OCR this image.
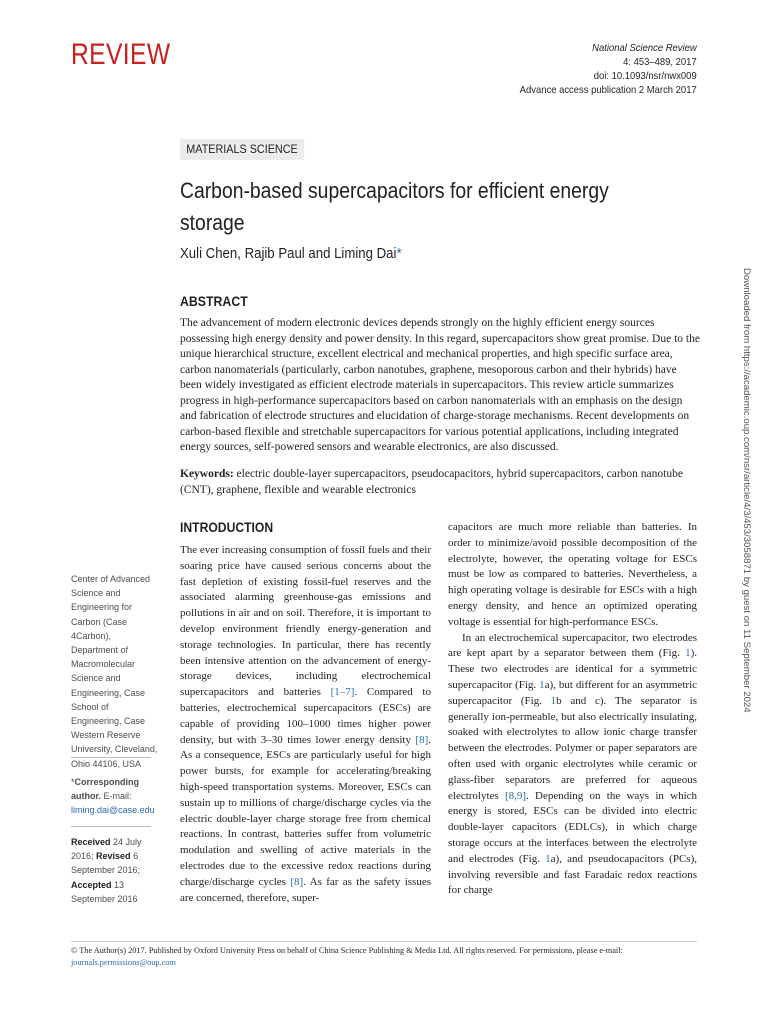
REVIEW	National Science Review
4: 453–489, 2017
doi: 10.1093/nsr/nwx009
Advance access publication 2 March 2017
MATERIALS SCIENCE
Carbon-based supercapacitors for efficient energy storage
Xuli Chen, Rajib Paul and Liming Dai*
ABSTRACT
The advancement of modern electronic devices depends strongly on the highly efficient energy sources possessing high energy density and power density. In this regard, supercapacitors show great promise. Due to the unique hierarchical structure, excellent electrical and mechanical properties, and high specific surface area, carbon nanomaterials (particularly, carbon nanotubes, graphene, mesoporous carbon and their hybrids) have been widely investigated as efficient electrode materials in supercapacitors. This review article summarizes progress in high-performance supercapacitors based on carbon nanomaterials with an emphasis on the design and fabrication of electrode structures and elucidation of charge-storage mechanisms. Recent developments on carbon-based flexible and stretchable supercapacitors for various potential applications, including integrated energy sources, self-powered sensors and wearable electronics, are also discussed.
Keywords: electric double-layer supercapacitors, pseudocapacitors, hybrid supercapacitors, carbon nanotube (CNT), graphene, flexible and wearable electronics
INTRODUCTION
The ever increasing consumption of fossil fuels and their soaring price have caused serious concerns about the fast depletion of existing fossil-fuel reserves and the associated alarming greenhouse-gas emissions and pollutions in air and on soil. Therefore, it is important to develop environment friendly energy-generation and storage technologies. In particular, there has recently been intensive attention on the advancement of energy-storage devices, including electrochemical supercapacitors and batteries [1–7]. Compared to batteries, electrochemical supercapacitors (ESCs) are capable of providing 100–1000 times higher power density, but with 3–30 times lower energy density [8]. As a consequence, ESCs are particularly useful for high power bursts, for example for accelerating/breaking high-speed transportation systems. Moreover, ESCs can sustain up to millions of charge/discharge cycles via the electric double-layer charge storage free from chemical reactions. In contrast, batteries suffer from volumetric modulation and swelling of active materials in the electrodes due to the excessive redox reactions during charge/discharge cycles [8]. As far as the safety issues are concerned, therefore, super-

capacitors are much more reliable than batteries. In order to minimize/avoid possible decomposition of the electrolyte, however, the operating voltage for ESCs must be low as compared to batteries. Nevertheless, a high operating voltage is desirable for ESCs with a high energy density, and hence an optimized operating voltage is essential for high-performance ESCs.

In an electrochemical supercapacitor, two electrodes are kept apart by a separator between them (Fig. 1). These two electrodes are identical for a symmetric supercapacitor (Fig. 1a), but different for an asymmetric supercapacitor (Fig. 1b and c). The separator is generally ion-permeable, but also electrically insulating, soaked with electrolytes to allow ionic charge transfer between the electrodes. Polymer or paper separators are often used with organic electrolytes while ceramic or glass-fiber separators are preferred for aqueous electrolytes [8,9]. Depending on the ways in which energy is stored, ESCs can be divided into electric double-layer capacitors (EDLCs), in which charge storage occurs at the interfaces between the electrolyte and electrodes (Fig. 1a), and pseudocapacitors (PCs), involving reversible and fast Faradaic redox reactions for charge

Center of Advanced Science and Engineering for Carbon (Case 4Carbon), Department of Macromolecular Science and Engineering, Case School of Engineering, Case Western Reserve University, Cleveland, Ohio 44106, USA
*Corresponding author. E-mail:
liming.dai@case.edu
Received 24 July 2016; Revised 6 September 2016; Accepted 13 September 2016
© The Author(s) 2017. Published by Oxford University Press on behalf of China Science Publishing & Media Ltd. All rights reserved. For permissions, please e-mail:
journals.permissions@oup.com
Downloaded from https://academic.oup.com/nsr/article/4/3/453/3058871 by guest on 11 September 2024
